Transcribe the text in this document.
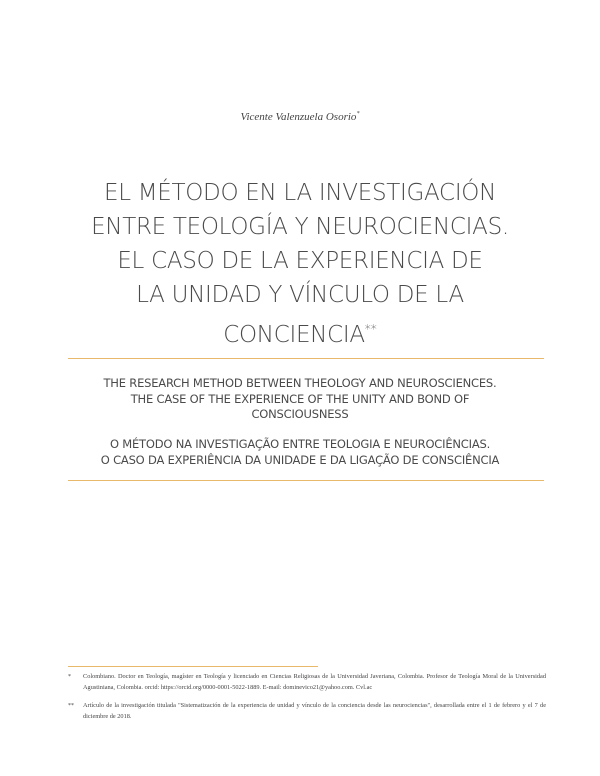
Vicente Valenzuela Osorio*
EL MÉTODO EN LA INVESTIGACIÓN
ENTRE TEOLOGÍA Y NEUROCIENCIAS.
EL CASO DE LA EXPERIENCIA DE
LA UNIDAD Y VÍNCULO DE LA
CONCIENCIA**
THE RESEARCH METHOD BETWEEN THEOLOGY AND NEUROSCIENCES.
THE CASE OF THE EXPERIENCE OF THE UNITY AND BOND OF
CONSCIOUSNESS
O MÉTODO NA INVESTIGAÇÃO ENTRE TEOLOGIA E NEUROCIÊNCIAS.
O CASO DA EXPERIÊNCIA DA UNIDADE E DA LIGAÇÃO DE CONSCIÊNCIA
* Colombiano. Doctor en Teología, magíster en Teología y licenciado en Ciencias Religiosas de la Universidad Javeriana, Colombia. Profesor de Teología Moral de la Universidad Agustiniana, Colombia. orcid: https://orcid.org/0000-0001-5022-1889. E-mail: dominevico21@yahoo.com. Cvl.ac
** Artículo de la investigación titulada "Sistematización de la experiencia de unidad y vínculo de la conciencia desde las neurociencias", desarrollada entre el 1 de febrero y el 7 de diciembre de 2018.
